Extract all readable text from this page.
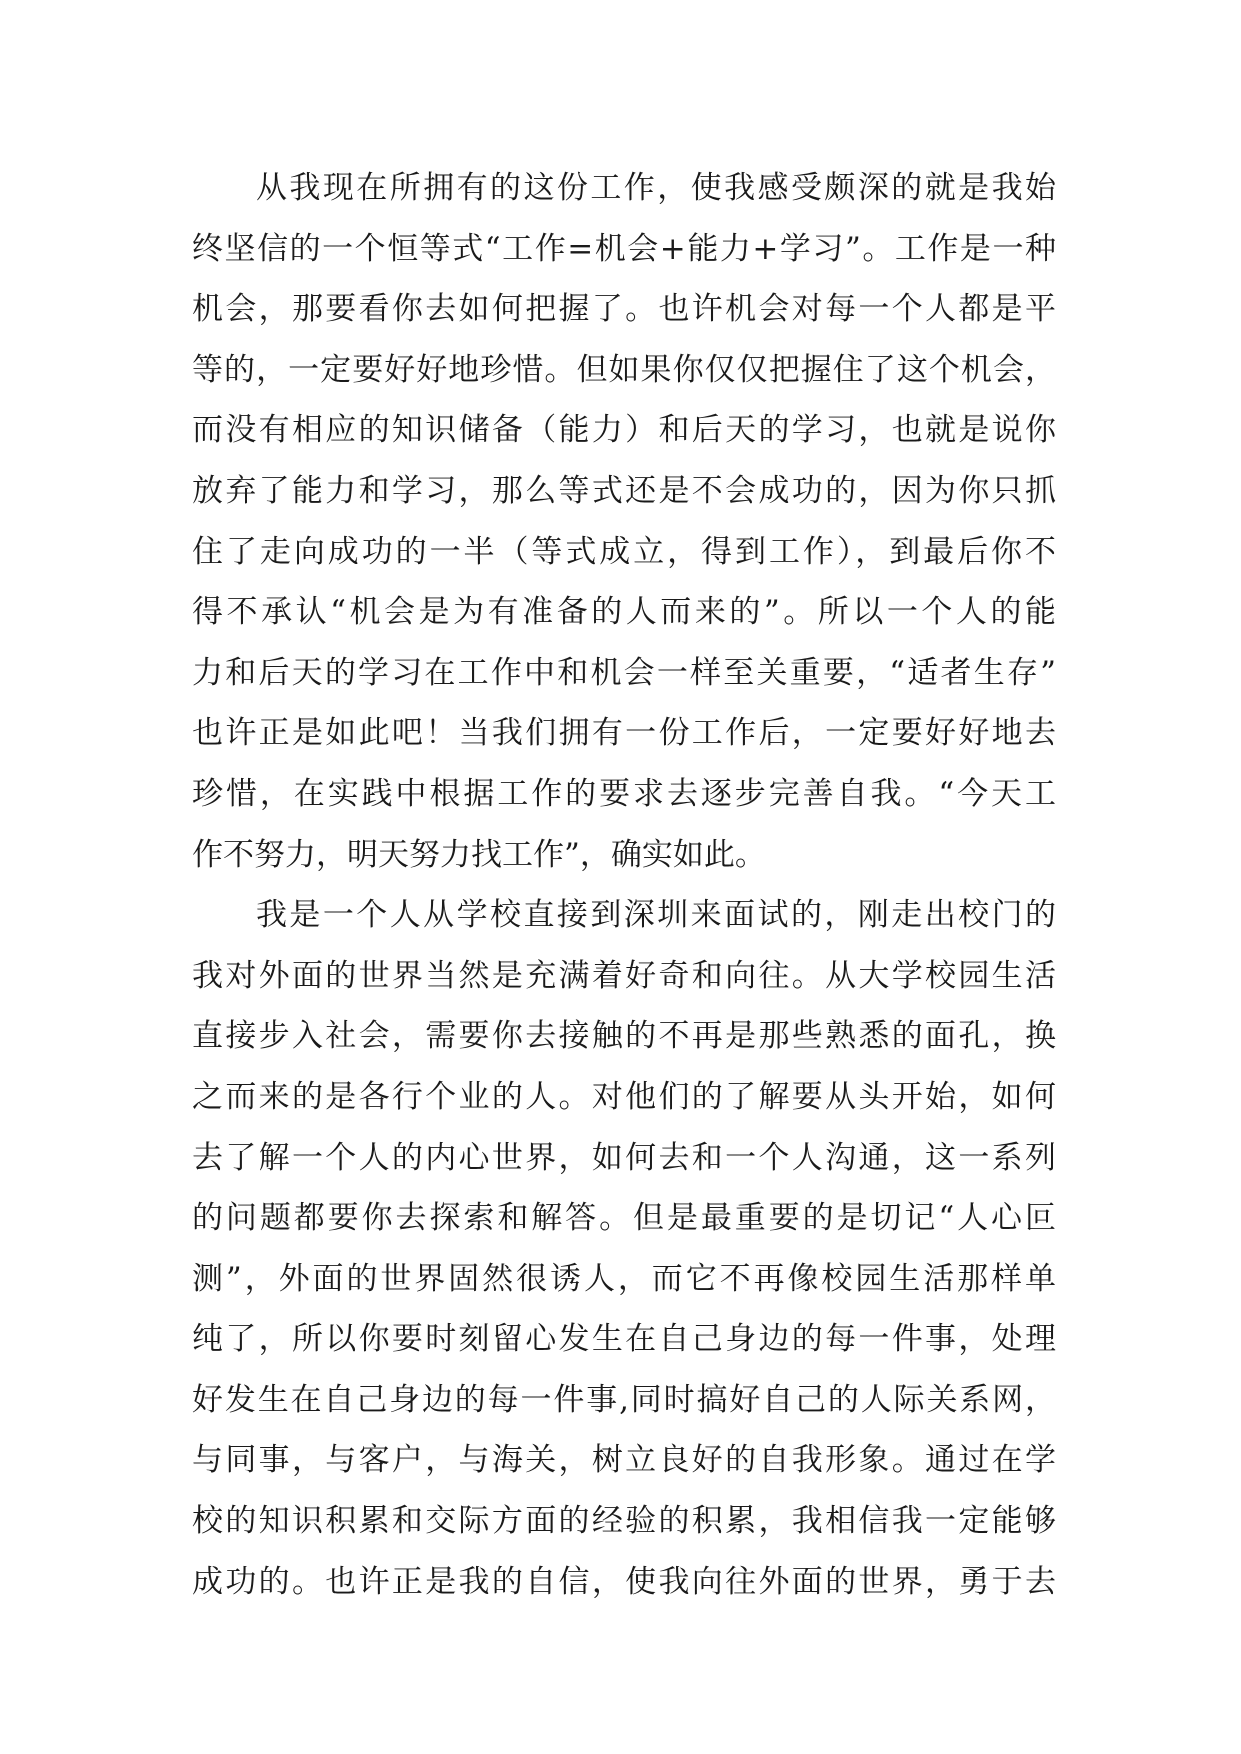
从我现在所拥有的这份工作，使我感受颇深的就是我始
终坚信的一个恒等式“工作=机会+能力+学习”。工作是一种
机会，那要看你去如何把握了。也许机会对每一个人都是平
等的，一定要好好地珍惜。但如果你仅仅把握住了这个机会，
而没有相应的知识储备（能力）和后天的学习，也就是说你
放弃了能力和学习，那么等式还是不会成功的，因为你只抓
住了走向成功的一半（等式成立，得到工作），到最后你不
得不承认“机会是为有准备的人而来的”。所以一个人的能
力和后天的学习在工作中和机会一样至关重要，“适者生存”
也许正是如此吧！当我们拥有一份工作后，一定要好好地去
珍惜，在实践中根据工作的要求去逐步完善自我。“今天工
作不努力，明天努力找工作”，确实如此。
我是一个人从学校直接到深圳来面试的，刚走出校门的
我对外面的世界当然是充满着好奇和向往。从大学校园生活
直接步入社会，需要你去接触的不再是那些熟悉的面孔，换
之而来的是各行个业的人。对他们的了解要从头开始，如何
去了解一个人的内心世界，如何去和一个人沟通，这一系列
的问题都要你去探索和解答。但是最重要的是切记“人心叵
测”，外面的世界固然很诱人，而它不再像校园生活那样单
纯了，所以你要时刻留心发生在自己身边的每一件事，处理
好发生在自己身边的每一件事,同时搞好自己的人际关系网，
与同事，与客户，与海关，树立良好的自我形象。通过在学
校的知识积累和交际方面的经验的积累，我相信我一定能够
成功的。也许正是我的自信，使我向往外面的世界，勇于去
